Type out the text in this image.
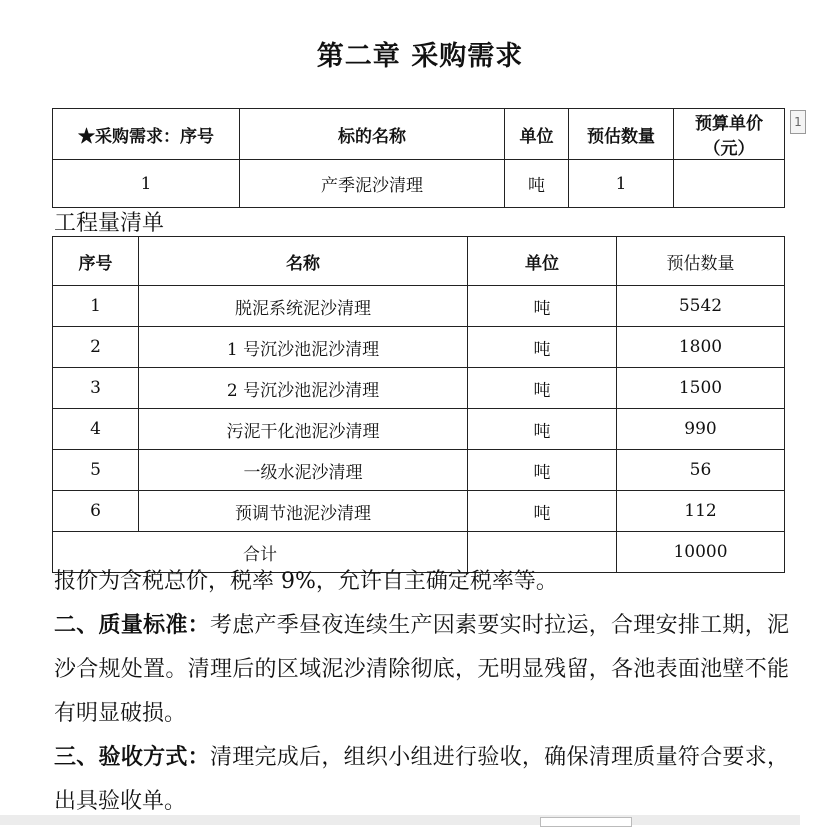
第二章 采购需求
★采购需求：序号	标的名称	单位	预估数量	预算单价（元）
1	产季泥沙清理	吨	1	
1
工程量清单
序号	名称	单位	预估数量
1	脱泥系统泥沙清理	吨	5542
2	1 号沉沙池泥沙清理	吨	1800
3	2 号沉沙池泥沙清理	吨	1500
4	污泥干化池泥沙清理	吨	990
5	一级水泥沙清理	吨	56
6	预调节池泥沙清理	吨	112
合计			10000
报价为含税总价，税率 9%，允许自主确定税率等。
二、质量标准：考虑产季昼夜连续生产因素要实时拉运，合理安排工期，泥沙合规处置。清理后的区域泥沙清除彻底，无明显残留，各池表面池壁不能有明显破损。
三、验收方式：清理完成后，组织小组进行验收，确保清理质量符合要求，出具验收单。
